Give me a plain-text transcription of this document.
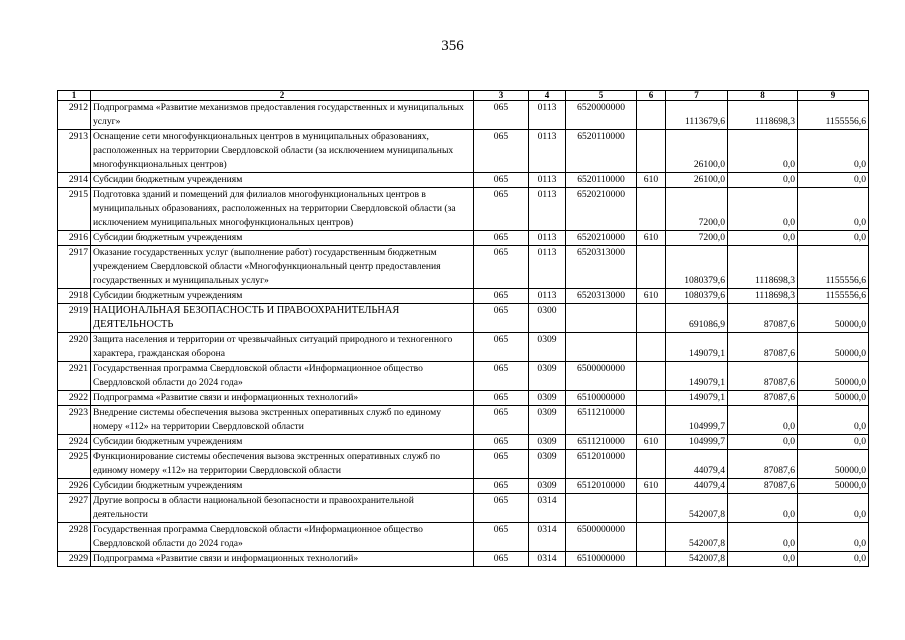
356
1	2	3	4	5	6	7	8	9
2912	Подпрограмма «Развитие механизмов предоставления государственных и муниципальных услуг»	065	0113	6520000000		1113679,6	1118698,3	1155556,6
2913	Оснащение сети многофункциональных центров в муниципальных образованиях, расположенных на территории Свердловской области (за исключением муниципальных многофункциональных центров)	065	0113	6520110000		26100,0	0,0	0,0
2914	Субсидии бюджетным учреждениям	065	0113	6520110000	610	26100,0	0,0	0,0
2915	Подготовка зданий и помещений для филиалов многофункциональных центров в муниципальных образованиях, расположенных на территории Свердловской области (за исключением муниципальных многофункциональных центров)	065	0113	6520210000		7200,0	0,0	0,0
2916	Субсидии бюджетным учреждениям	065	0113	6520210000	610	7200,0	0,0	0,0
2917	Оказание государственных услуг (выполнение работ) государственным бюджетным учреждением Свердловской области «Многофункциональный центр предоставления государственных и муниципальных услуг»	065	0113	6520313000		1080379,6	1118698,3	1155556,6
2918	Субсидии бюджетным учреждениям	065	0113	6520313000	610	1080379,6	1118698,3	1155556,6
2919	НАЦИОНАЛЬНАЯ БЕЗОПАСНОСТЬ И ПРАВООХРАНИТЕЛЬНАЯ ДЕЯТЕЛЬНОСТЬ	065	0300			691086,9	87087,6	50000,0
2920	Защита населения и территории от чрезвычайных ситуаций природного и техногенного характера, гражданская оборона	065	0309			149079,1	87087,6	50000,0
2921	Государственная программа Свердловской области «Информационное общество Свердловской области до 2024 года»	065	0309	6500000000		149079,1	87087,6	50000,0
2922	Подпрограмма «Развитие связи и информационных технологий»	065	0309	6510000000		149079,1	87087,6	50000,0
2923	Внедрение системы обеспечения вызова экстренных оперативных служб по единому номеру «112» на территории Свердловской области	065	0309	6511210000		104999,7	0,0	0,0
2924	Субсидии бюджетным учреждениям	065	0309	6511210000	610	104999,7	0,0	0,0
2925	Функционирование системы обеспечения вызова экстренных оперативных служб по единому номеру «112» на территории Свердловской области	065	0309	6512010000		44079,4	87087,6	50000,0
2926	Субсидии бюджетным учреждениям	065	0309	6512010000	610	44079,4	87087,6	50000,0
2927	Другие вопросы в области национальной безопасности и правоохранительной деятельности	065	0314			542007,8	0,0	0,0
2928	Государственная программа Свердловской области «Информационное общество Свердловской области до 2024 года»	065	0314	6500000000		542007,8	0,0	0,0
2929	Подпрограмма «Развитие связи и информационных технологий»	065	0314	6510000000		542007,8	0,0	0,0
